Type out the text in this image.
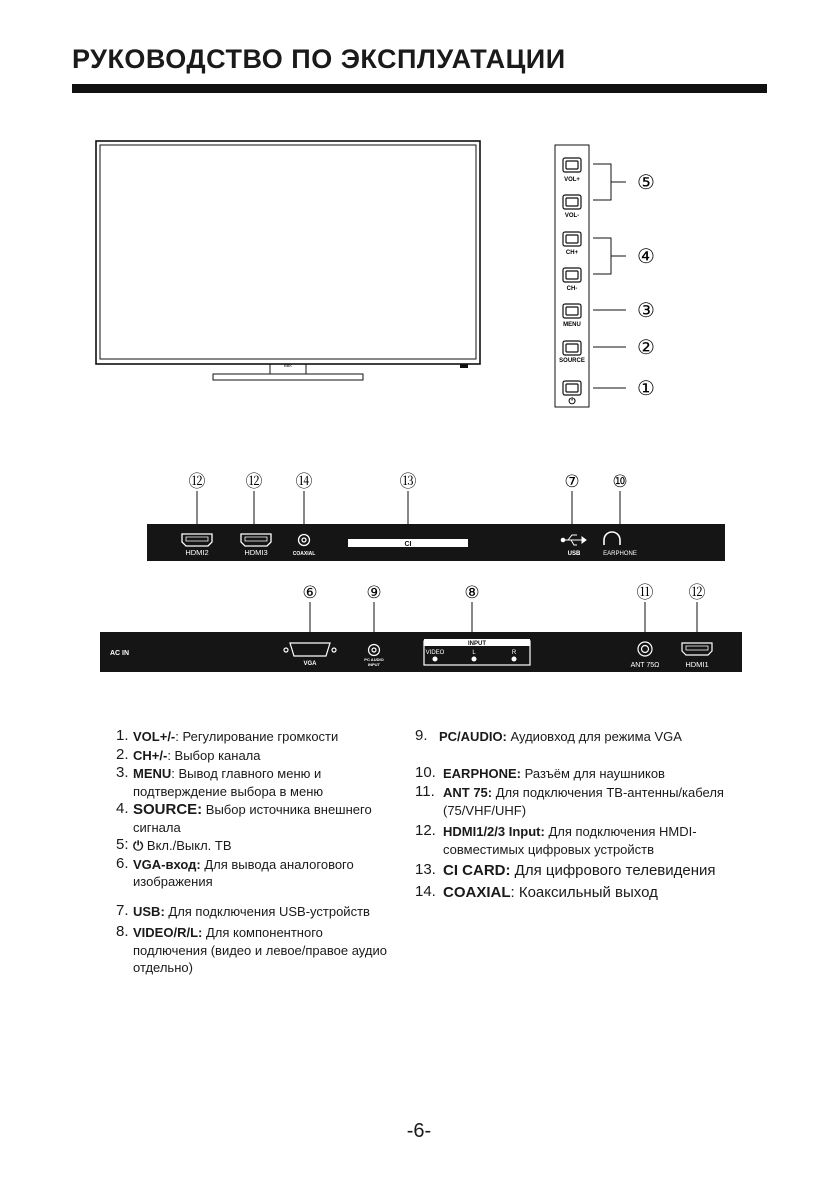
РУКОВОДСТВО ПО ЭКСПЛУАТАЦИИ
BBK
VOL+
VOL-
CH+
CH-
MENU
SOURCE
⏻
⑤
④
③
②
①
⑫ ⑫ ⑭	⑬	⑦ ⑩
CI
HDMI2	HDMI3	COAXIAL	USB	EARPHONE
⑥	⑨	⑧	⑪ ⑫
AC IN
INPUT
VGA
PC AUDIO
INPUT
VIDEO	L	R
ANT 75Ω	HDMI1
1. VOL+/-: Регулирование громкости
2. CH+/-: Выбор канала
3. MENU: Вывод главного меню и подтверждение выбора в меню
4. SOURCE: Выбор источника внешнего сигнала
5: ⏻ Вкл./Выкл. ТВ
6. VGA-вход: Для вывода аналогового изображения
7. USB: Для подключения USB-устройств
8. VIDEO/R/L: Для компонентного подлючения (видео и левое/правое аудио отдельно)
9. PC/AUDIO: Аудиовход для режима VGA
10. EARPHONE: Разъём для наушников
11. ANT 75: Для подключения ТВ-антенны/кабеля (75/VHF/UHF)
12. HDMI1/2/3 Input: Для подключения HMDI-совместимых цифровых устройств
13. CI CARD: Для цифрового телевидения
14. COAXIAL: Коаксильный выход
-6-
